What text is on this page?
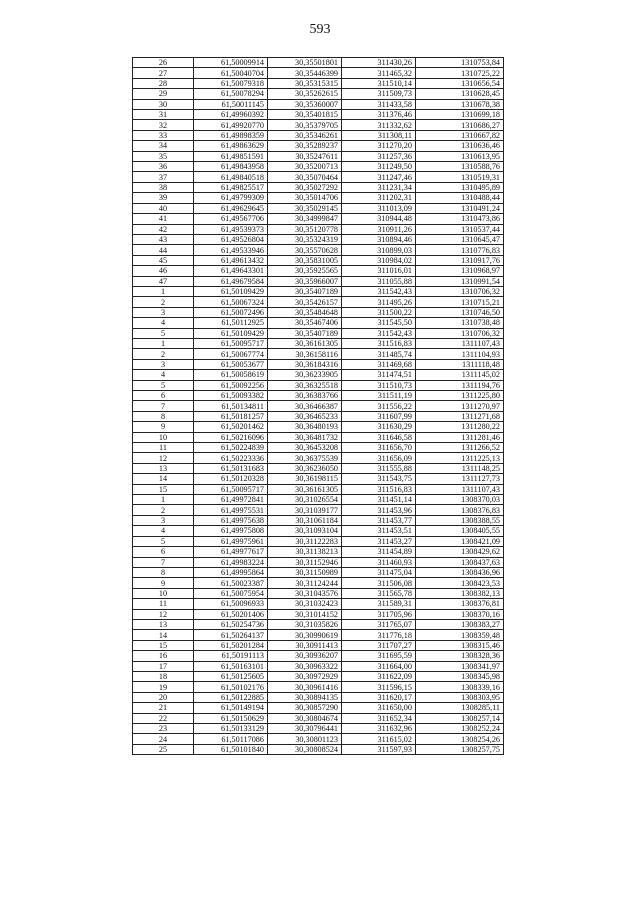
593
26	61,50009914	30,35501801	311430,26	1310753,84
27	61,50040704	30,35446399	311465,32	1310725,22
28	61,50079318	30,35315315	311510,14	1310656,54
29	61,50078294	30,35262615	311509,73	1310628,45
30	61,50011145	30,35360007	311433,58	1310678,38
31	61,49960392	30,35401815	311376,46	1310699,18
32	61,49920770	30,35379705	311332,62	1310686,27
33	61,49898359	30,35346261	311308,11	1310667,82
34	61,49863629	30,35289237	311270,20	1310636,46
35	61,49851591	30,35247611	311257,36	1310613,95
36	61,49843958	30,35200713	311249,50	1310588,76
37	61,49840518	30,35070464	311247,46	1310519,31
38	61,49825517	30,35027292	311231,34	1310495,89
39	61,49799309	30,35014706	311202,31	1310488,44
40	61,49629645	30,35029145	311013,09	1310491,24
41	61,49567706	30,34999847	310944,48	1310473,86
42	61,49539373	30,35120778	310911,26	1310537,44
43	61,49526804	30,35324319	310894,46	1310645,47
44	61,49533946	30,35570628	310899,03	1310776,83
45	61,49613432	30,35831005	310984,02	1310917,76
46	61,49643301	30,35925565	311016,01	1310968,97
47	61,49679584	30,35966007	311055,88	1310991,54
1	61,50109429	30,35407189	311542,43	1310706,32
2	61,50067324	30,35426157	311495,26	1310715,21
3	61,50072496	30,35484648	311500,22	1310746,50
4	61,50112925	30,35467406	311545,50	1310738,48
5	61,50109429	30,35407189	311542,43	1310706,32
1	61,50095717	30,36161305	311516,83	1311107,43
2	61,50067774	30,36158116	311485,74	1311104,93
3	61,50053677	30,36184316	311469,68	1311118,48
4	61,50058619	30,36233905	311474,51	1311145,02
5	61,50092256	30,36325518	311510,73	1311194,76
6	61,50093382	30,36383766	311511,19	1311225,80
7	61,50134811	30,36466387	311556,22	1311270,97
8	61,50181257	30,36465233	311607,99	1311271,68
9	61,50201462	30,36480193	311630,29	1311280,22
10	61,50216096	30,36481732	311646,58	1311281,46
11	61,50224839	30,36453208	311656,70	1311266,52
12	61,50223336	30,36375539	311656,09	1311225,13
13	61,50131683	30,36236050	311555,88	1311148,25
14	61,50120328	30,36198115	311543,75	1311127,73
15	61,50095717	30,36161305	311516,83	1311107,43
1	61,49972841	30,31026554	311451,14	1308370,03
2	61,49975531	30,31039177	311453,96	1308376,83
3	61,49975638	30,31061184	311453,77	1308388,55
4	61,49975808	30,31093104	311453,51	1308405,55
5	61,49975961	30,31122283	311453,27	1308421,09
6	61,49977617	30,31138213	311454,89	1308429,62
7	61,49983224	30,31152946	311460,93	1308437,63
8	61,49995864	30,31150989	311475,04	1308436,96
9	61,50023387	30,31124244	311506,08	1308423,53
10	61,50075954	30,31043576	311565,78	1308382,13
11	61,50096933	30,31032423	311589,31	1308376,81
12	61,50201406	30,31014152	311705,96	1308370,16
13	61,50254736	30,31035826	311765,07	1308383,27
14	61,50264137	30,30990619	311776,18	1308359,48
15	61,50201284	30,30911413	311707,27	1308315,46
16	61,50191113	30,30936207	311695,59	1308328,36
17	61,50163101	30,30963322	311664,00	1308341,97
18	61,50125605	30,30972929	311622,09	1308345,98
19	61,50102176	30,30961416	311596,15	1308339,16
20	61,50122885	30,30894135	311620,17	1308303,95
21	61,50149194	30,30857290	311650,00	1308285,11
22	61,50150629	30,30804674	311652,34	1308257,14
23	61,50133129	30,30796441	311632,96	1308252,24
24	61,50117086	30,30801123	311615,02	1308254,26
25	61,50101840	30,30808524	311597,93	1308257,75
